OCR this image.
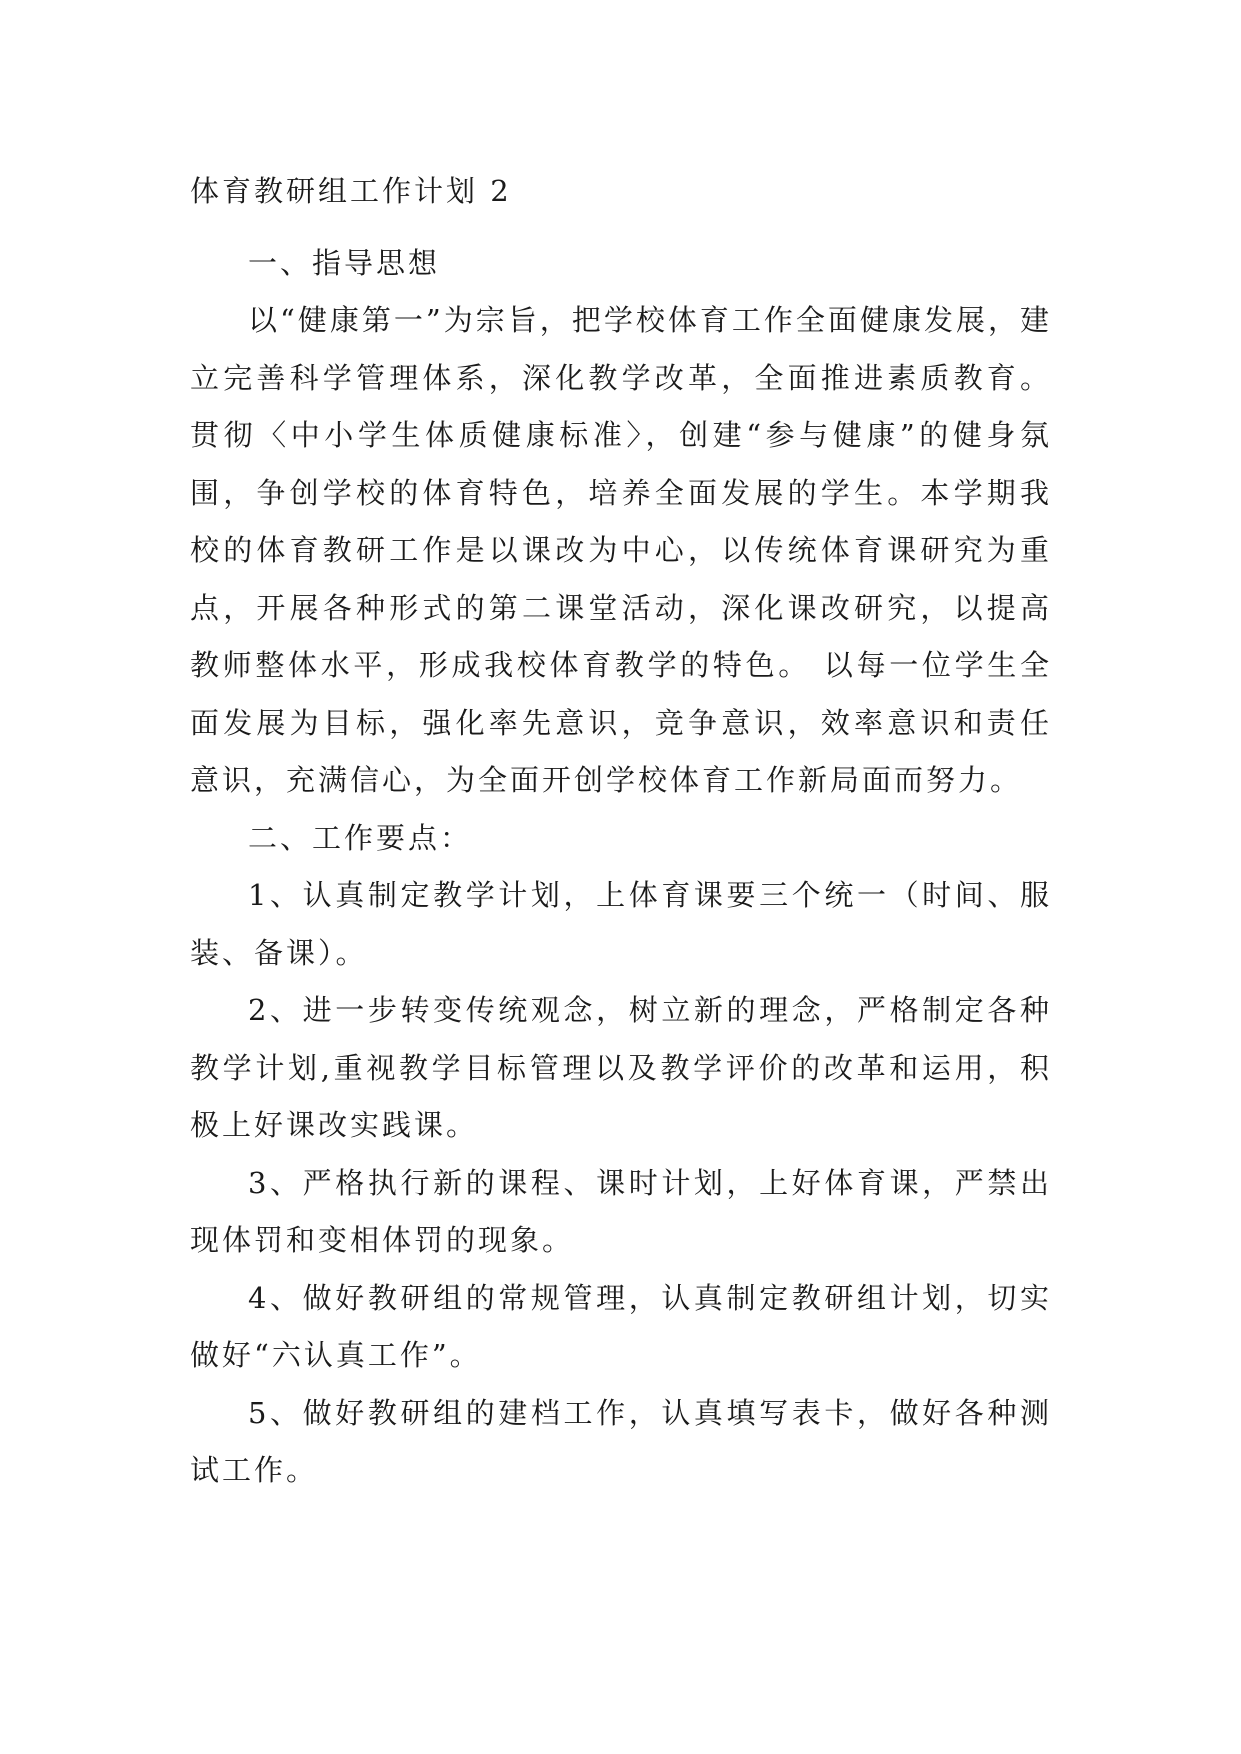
体育教研组工作计划 2

一、指导思想

以“健康第一”为宗旨，把学校体育工作全面健康发展，建立完善科学管理体系，深化教学改革，全面推进素质教育。贯彻〈中小学生体质健康标准〉，创建“参与健康”的健身氛围，争创学校的体育特色，培养全面发展的学生。本学期我校的体育教研工作是以课改为中心，以传统体育课研究为重点，开展各种形式的第二课堂活动，深化课改研究，以提高教师整体水平，形成我校体育教学的特色。 以每一位学生全面发展为目标，强化率先意识，竞争意识，效率意识和责任意识，充满信心，为全面开创学校体育工作新局面而努力。

二、工作要点：

1、认真制定教学计划，上体育课要三个统一（时间、服装、备课）。

2、进一步转变传统观念，树立新的理念，严格制定各种教学计划,重视教学目标管理以及教学评价的改革和运用，积极上好课改实践课。

3、严格执行新的课程、课时计划，上好体育课，严禁出现体罚和变相体罚的现象。

4、做好教研组的常规管理，认真制定教研组计划，切实做好“六认真工作”。

5、做好教研组的建档工作，认真填写表卡，做好各种测试工作。
